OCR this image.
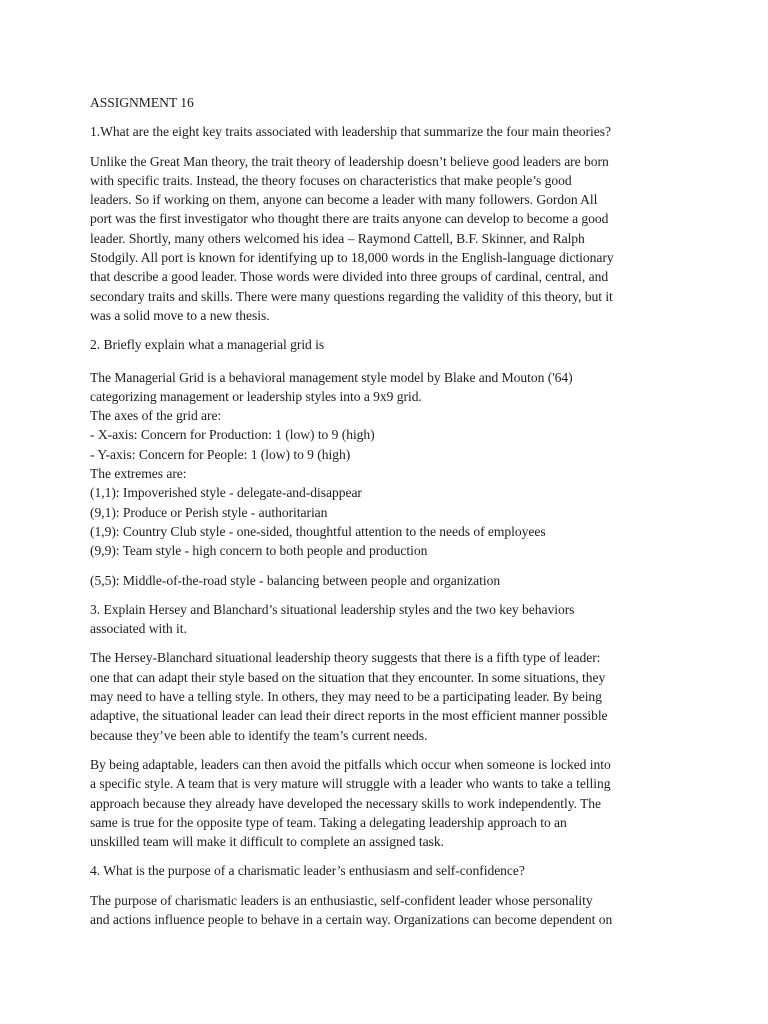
ASSIGNMENT 16
1.What are the eight key traits associated with leadership that summarize the four main theories?
Unlike the Great Man theory, the trait theory of leadership doesn’t believe good leaders are born
with specific traits. Instead, the theory focuses on characteristics that make people’s good
leaders. So if working on them, anyone can become a leader with many followers. Gordon All
port was the first investigator who thought there are traits anyone can develop to become a good
leader. Shortly, many others welcomed his idea – Raymond Cattell, B.F. Skinner, and Ralph
Stodgily. All port is known for identifying up to 18,000 words in the English-language dictionary
that describe a good leader. Those words were divided into three groups of cardinal, central, and
secondary traits and skills. There were many questions regarding the validity of this theory, but it
was a solid move to a new thesis.
2. Briefly explain what a managerial grid is
The Managerial Grid is a behavioral management style model by Blake and Mouton ('64)
categorizing management or leadership styles into a 9x9 grid.
The axes of the grid are:
- X-axis: Concern for Production: 1 (low) to 9 (high)
- Y-axis: Concern for People: 1 (low) to 9 (high)
The extremes are:
(1,1): Impoverished style - delegate-and-disappear
(9,1): Produce or Perish style - authoritarian
(1,9): Country Club style - one-sided, thoughtful attention to the needs of employees
(9,9): Team style - high concern to both people and production
(5,5): Middle-of-the-road style - balancing between people and organization
3. Explain Hersey and Blanchard’s situational leadership styles and the two key behaviors
associated with it.
The Hersey-Blanchard situational leadership theory suggests that there is a fifth type of leader:
one that can adapt their style based on the situation that they encounter. In some situations, they
may need to have a telling style. In others, they may need to be a participating leader. By being
adaptive, the situational leader can lead their direct reports in the most efficient manner possible
because they’ve been able to identify the team’s current needs.
By being adaptable, leaders can then avoid the pitfalls which occur when someone is locked into
a specific style. A team that is very mature will struggle with a leader who wants to take a telling
approach because they already have developed the necessary skills to work independently. The
same is true for the opposite type of team. Taking a delegating leadership approach to an
unskilled team will make it difficult to complete an assigned task.
4. What is the purpose of a charismatic leader’s enthusiasm and self-confidence?
The purpose of charismatic leaders is an enthusiastic, self-confident leader whose personality
and actions influence people to behave in a certain way. Organizations can become dependent on
